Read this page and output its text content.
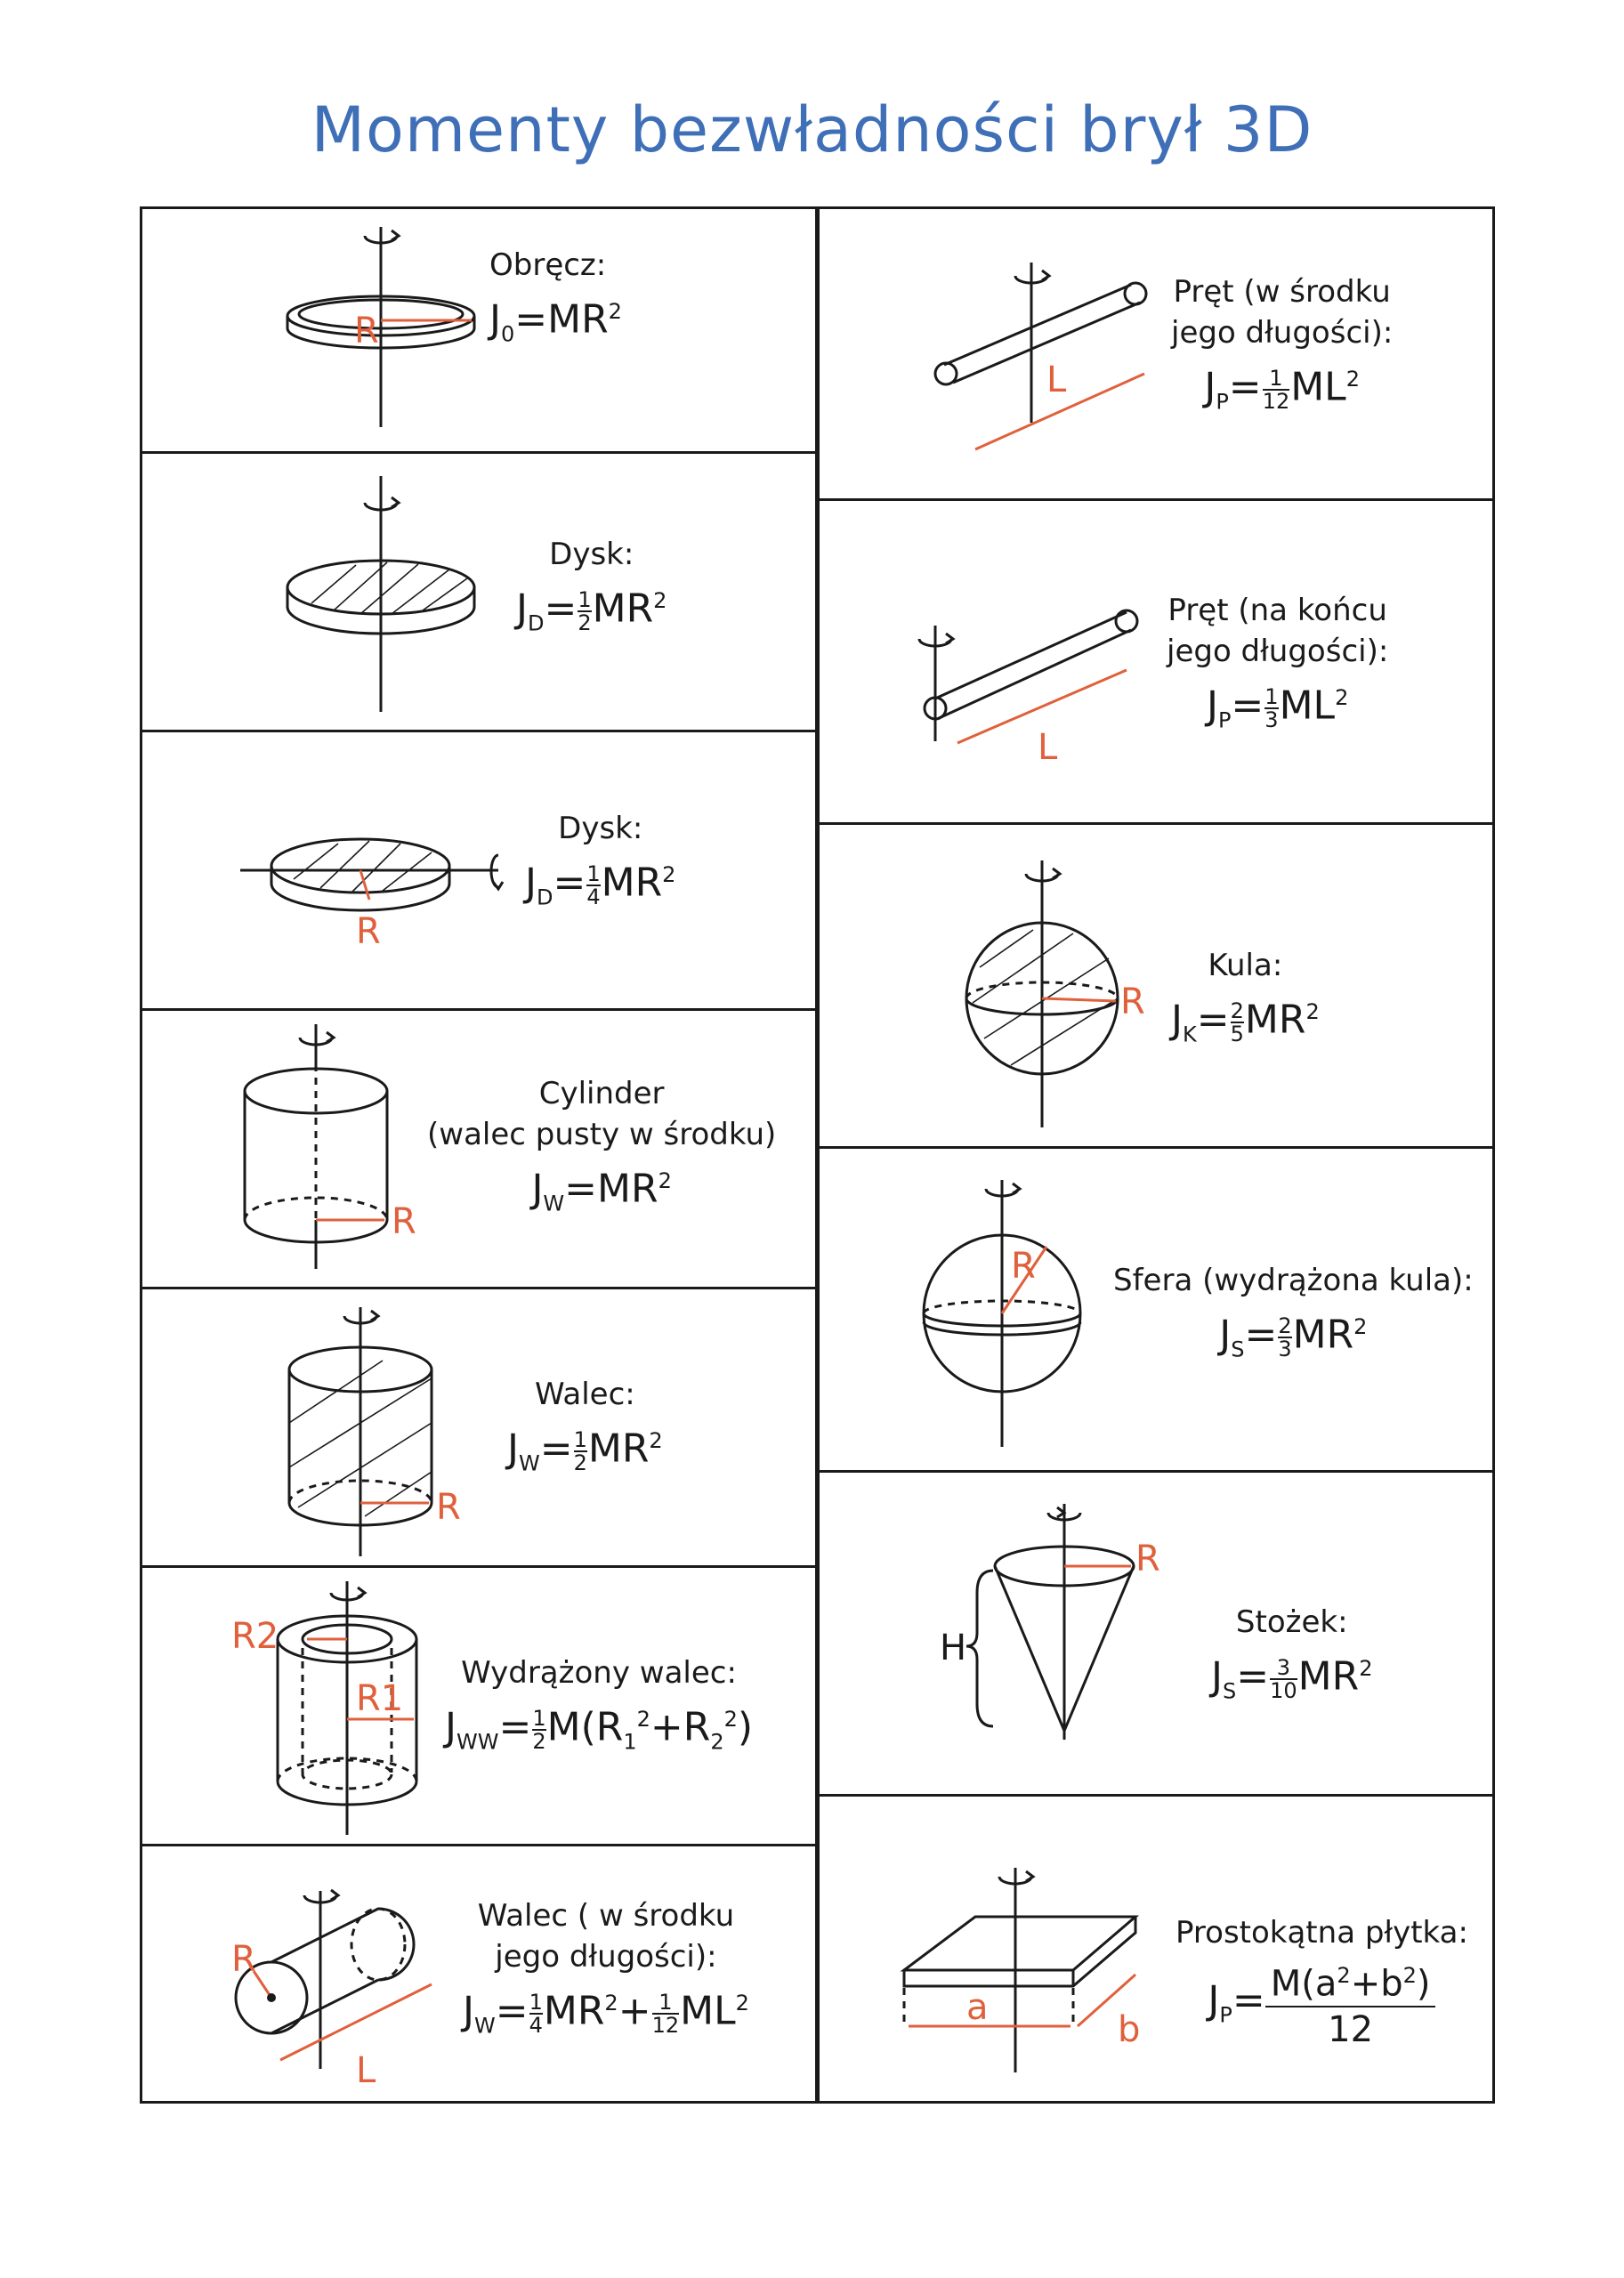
Momenty bezwładności brył 3D
R
Obręcz:
$J_0=MR^2$
Dysk:
$J_D= \frac{1}{2} MR^2$
R
Dysk:
$J_D= \frac{1}{4} MR^2$
R
Cylinder
(walec pusty w środku)
$J_W=MR^2$
R
Walec:
$J_W= \frac{1}{2} MR^2$
R2
R1
Wydrążony walec:
$J_{WW}= \frac{1}{2} M(R_1^2+R_2^2)$
R
L
Walec ( w środku
jego długości):
$J_W= \frac{1}{4} MR^2+ \frac{1}{12} ML^2$
L
Pręt (w środku
jego długości):
$J_P= \frac{1}{12} ML^2$
L
Pręt (na końcu
jego długości):
$J_P= \frac{1}{3} ML^2$
R
Kula:
$J_K= \frac{2}{5} MR^2$
R	Sfera (wydrążona kula):
$J_S= \frac{2}{3} MR^2$
R
H
Stożek:
$J_S= \frac{3}{10} MR^2$
a
b
Prostokątna płytka:
$J_P= \frac{M(a^2+b^2)}{12}$
